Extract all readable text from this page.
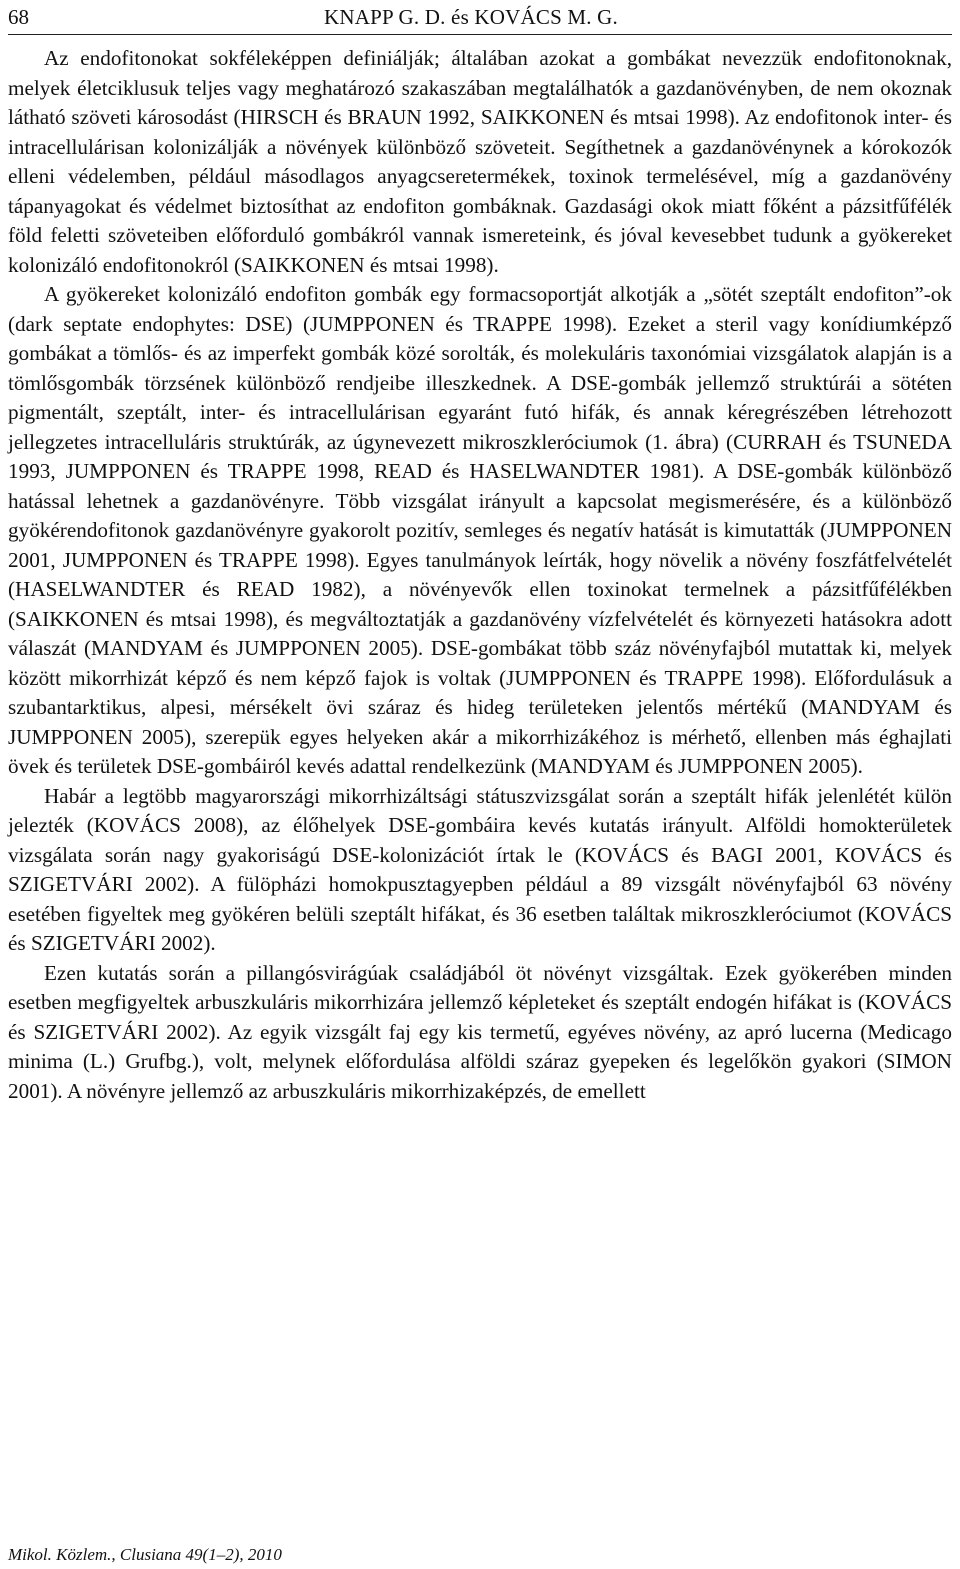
68	KNAPP G. D. és KOVÁCS M. G.

Az endofitonokat sokféleképpen definiálják; általában azokat a gombákat nevezzük endofitonoknak, melyek életciklusuk teljes vagy meghatározó szakaszában megtalálhatók a gazdanövényben, de nem okoznak látható szöveti károsodást (HIRSCH és BRAUN 1992, SAIKKONEN és mtsai 1998). Az endofitonok inter- és intracellulárisan kolonizálják a növények különböző szöveteit. Segíthetnek a gazdanövénynek a kórokozók elleni védelemben, például másodlagos anyagcseretermékek, toxinok termelésével, míg a gazdanövény tápanyagokat és védelmet biztosíthat az endofiton gombáknak. Gazdasági okok miatt főként a pázsitfűfélék föld feletti szöveteiben előforduló gombákról vannak ismereteink, és jóval kevesebbet tudunk a gyökereket kolonizáló endofitonokról (SAIKKONEN és mtsai 1998).

A gyökereket kolonizáló endofiton gombák egy formacsoportját alkotják a „sötét szeptált endofiton”-ok (dark septate endophytes: DSE) (JUMPPONEN és TRAPPE 1998). Ezeket a steril vagy konídiumképző gombákat a tömlős- és az imperfekt gombák közé sorolták, és molekuláris taxonómiai vizsgálatok alapján is a tömlősgombák törzsének különböző rendjeibe illeszkednek. A DSE-gombák jellemző struktúrái a sötéten pigmentált, szeptált, inter- és intracellulárisan egyaránt futó hifák, és annak kéregrészében létrehozott jellegzetes intracelluláris struktúrák, az úgynevezett mikroszkleróciumok (1. ábra) (CURRAH és TSUNEDA 1993, JUMPPONEN és TRAPPE 1998, READ és HASELWANDTER 1981). A DSE-gombák különböző hatással lehetnek a gazdanövényre. Több vizsgálat irányult a kapcsolat megismerésére, és a különböző gyökérendofitonok gazdanövényre gyakorolt pozitív, semleges és negatív hatását is kimutatták (JUMPPONEN 2001, JUMPPONEN és TRAPPE 1998). Egyes tanulmányok leírták, hogy növelik a növény foszfátfelvételét (HASELWANDTER és READ 1982), a növényevők ellen toxinokat termelnek a pázsitfűfélékben (SAIKKONEN és mtsai 1998), és megváltoztatják a gazdanövény vízfelvételét és környezeti hatásokra adott válaszát (MANDYAM és JUMPPONEN 2005). DSE-gombákat több száz növényfajból mutattak ki, melyek között mikorrhizát képző és nem képző fajok is voltak (JUMPPONEN és TRAPPE 1998). Előfordulásuk a szubantarktikus, alpesi, mérsékelt övi száraz és hideg területeken jelentős mértékű (MANDYAM és JUMPPONEN 2005), szerepük egyes helyeken akár a mikorrhizákéhoz is mérhető, ellenben más éghajlati övek és területek DSE-gombáiról kevés adattal rendelkezünk (MANDYAM és JUMPPONEN 2005).

Habár a legtöbb magyarországi mikorrhizáltsági státuszvizsgálat során a szeptált hifák jelenlétét külön jelezték (KOVÁCS 2008), az élőhelyek DSE-gombáira kevés kutatás irányult. Alföldi homokterületek vizsgálata során nagy gyakoriságú DSE-kolonizációt írtak le (KOVÁCS és BAGI 2001, KOVÁCS és SZIGETVÁRI 2002). A fülöpházi homokpusztagyepben például a 89 vizsgált növényfajból 63 növény esetében figyeltek meg gyökéren belüli szeptált hifákat, és 36 esetben találtak mikroszkleróciumot (KOVÁCS és SZIGETVÁRI 2002).

Ezen kutatás során a pillangósvirágúak családjából öt növényt vizsgáltak. Ezek gyökerében minden esetben megfigyeltek arbuszkuláris mikorrhizára jellemző képleteket és szeptált endogén hifákat is (KOVÁCS és SZIGETVÁRI 2002). Az egyik vizsgált faj egy kis termetű, egyéves növény, az apró lucerna (Medicago minima (L.) Grufbg.), volt, melynek előfordulása alföldi száraz gyepeken és legelőkön gyakori (SIMON 2001). A növényre jellemző az arbuszkuláris mikorrhizaképzés, de emellett

Mikol. Közlem., Clusiana 49(1–2), 2010
